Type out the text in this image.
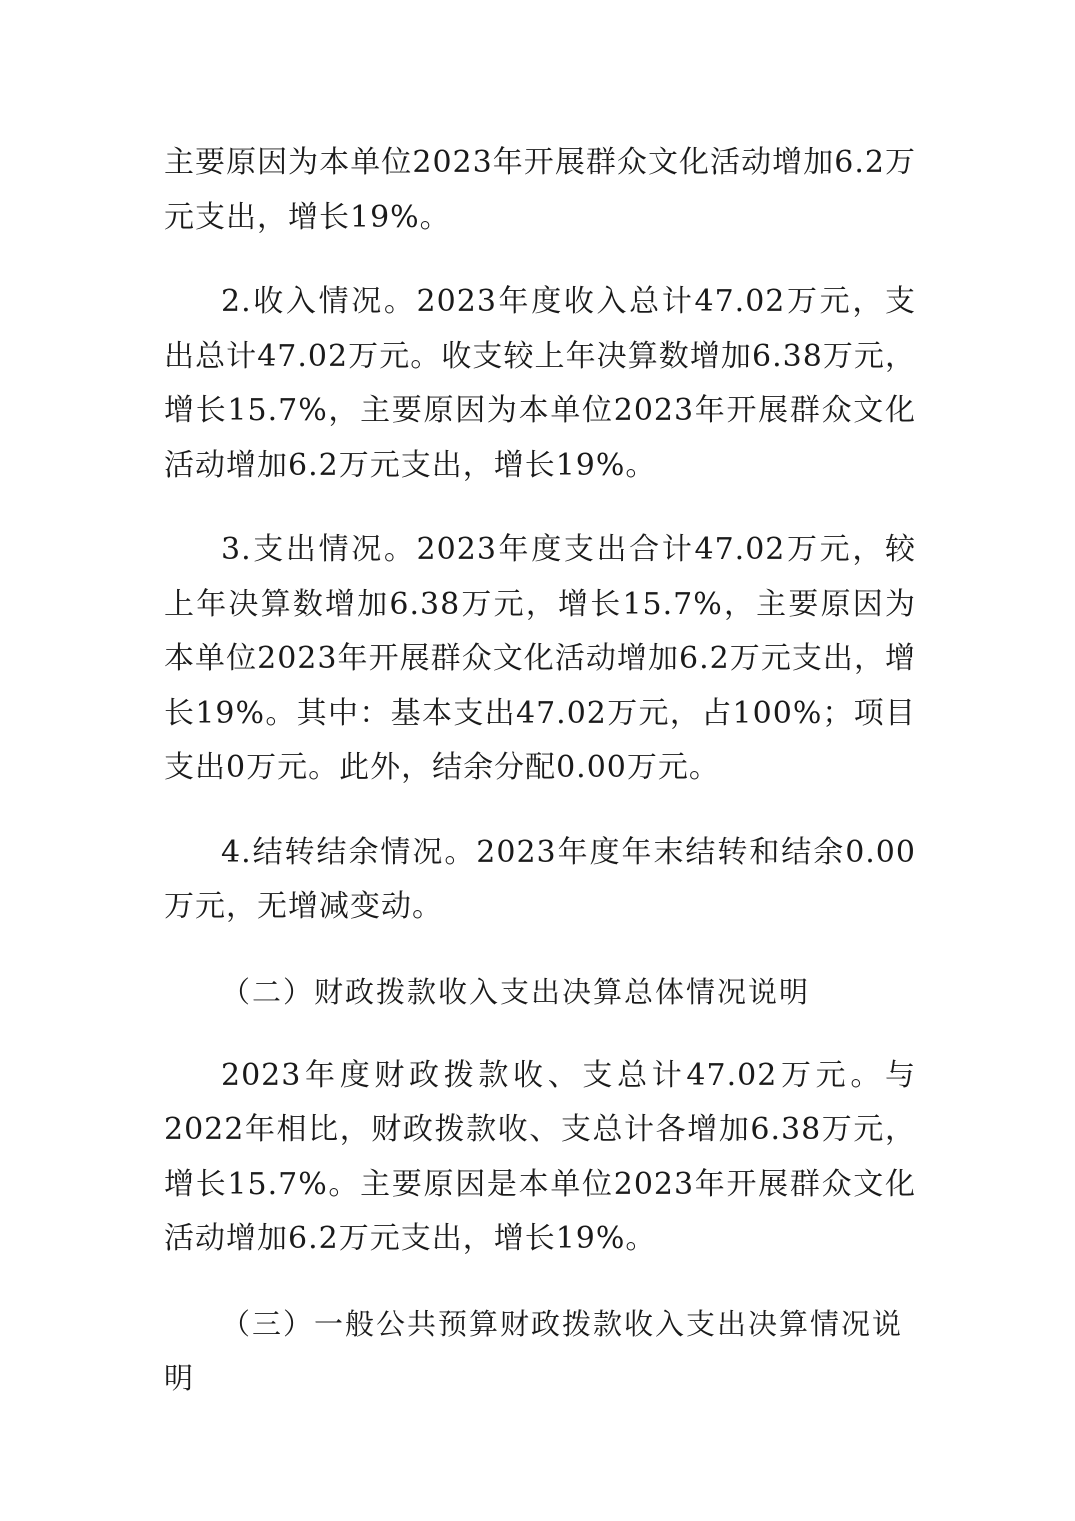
主要原因为本单位2023年开展群众文化活动增加6.2万元支出，增长19%。

2.收入情况。2023年度收入总计47.02万元，支出总计47.02万元。收支较上年决算数增加6.38万元，增长15.7%，主要原因为本单位2023年开展群众文化活动增加6.2万元支出，增长19%。

3.支出情况。2023年度支出合计47.02万元，较上年决算数增加6.38万元，增长15.7%，主要原因为本单位2023年开展群众文化活动增加6.2万元支出，增长19%。其中：基本支出47.02万元，占100%；项目支出0万元。此外，结余分配0.00万元。

4.结转结余情况。2023年度年末结转和结余0.00万元，无增减变动。

（二）财政拨款收入支出决算总体情况说明

2023年度财政拨款收、支总计47.02万元。与2022年相比，财政拨款收、支总计各增加6.38万元，增长15.7%。主要原因是本单位2023年开展群众文化活动增加6.2万元支出，增长19%。

（三）一般公共预算财政拨款收入支出决算情况说明
